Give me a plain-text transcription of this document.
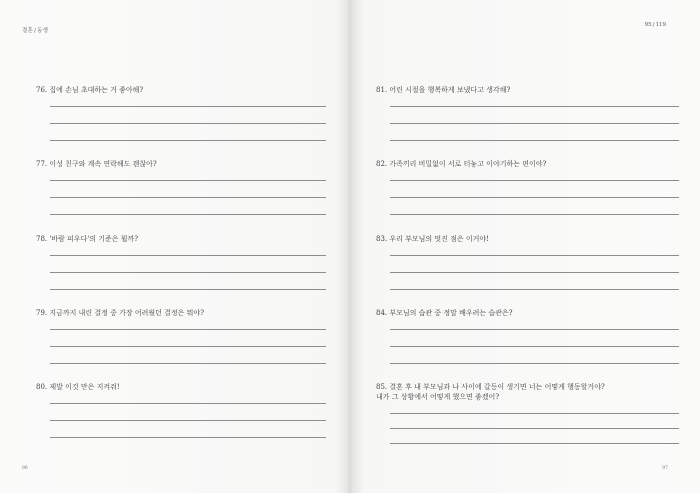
결혼/동생
95/119
76. 집에 손님 초대하는 거 좋아해?
77. 이성 친구와 계속 연락해도 괜찮아?
78. '바람 피우다'의 기준은 뭘까?
79. 지금까지 내린 결정 중 가장 어려웠던 결정은 뭐야?
80. 제발 이것 만은 지켜줘!
81. 어린 시절을 행복하게 보냈다고 생각해?
82. 가족끼리 비밀없이 서로 터놓고 이야기하는 편이야?
83. 우리 부모님의 멋진 점은 이거야!
84. 부모님의 습관 중 정말 배우려는 습관은?
85. 결혼 후 내 부모님과 나 사이에 갈등이 생기면 너는 어떻게 행동할거야?
내가 그 상황에서 어떻게 했으면 좋겠어?
96	97
